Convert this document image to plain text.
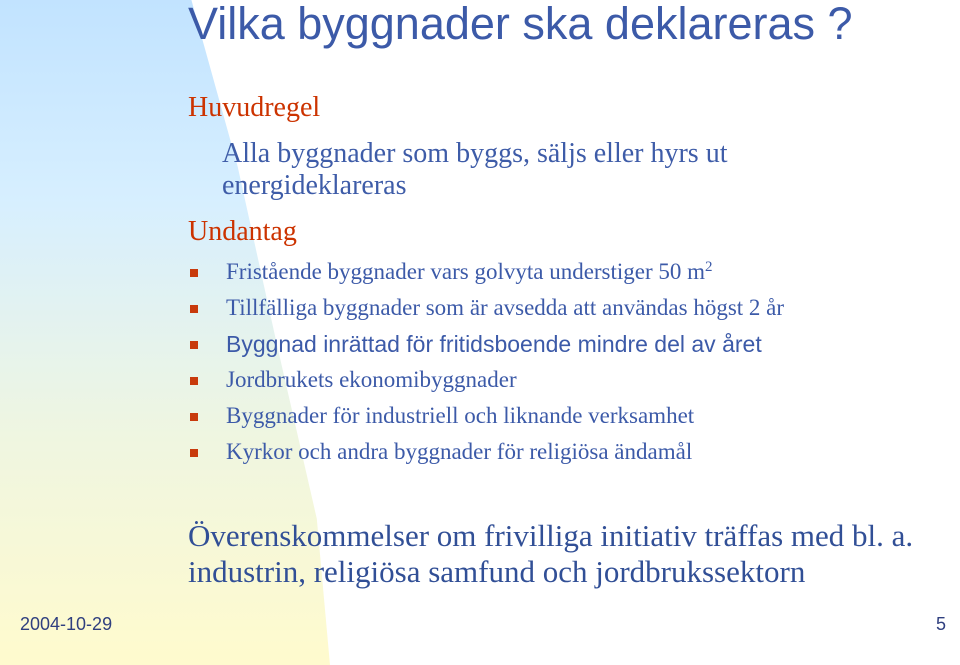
Vilka byggnader ska deklareras ?
Huvudregel
Alla byggnader som byggs, säljs eller hyrs ut energideklareras
Undantag
Fristående byggnader vars golvyta understiger 50 $m^2$
Tillfälliga byggnader som är avsedda att användas högst 2 år
Byggnad inrättad för fritidsboende mindre del av året
Jordbrukets ekonomibyggnader
Byggnader för industriell och liknande verksamhet
Kyrkor och andra byggnader för religiösa ändamål
Överenskommelser om frivilliga initiativ träffas med bl. a. industrin, religiösa samfund och jordbrukssektorn
2004-10-29	5
